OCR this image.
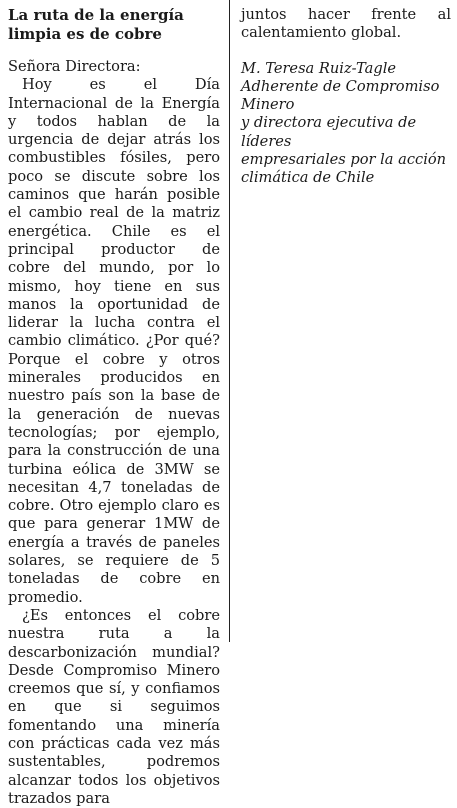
La ruta de la energía limpia es de cobre

Señora Directora:

Hoy es el Día Internacional de la Energía y todos hablan de la urgencia de dejar atrás los combustibles fósiles, pero poco se discute sobre los caminos que harán posible el cambio real de la matriz energética. Chile es el principal productor de cobre del mundo, por lo mismo, hoy tiene en sus manos la oportunidad de liderar la lucha contra el cambio climático. ¿Por qué? Porque el cobre y otros minerales producidos en nuestro país son la base de la generación de nuevas tecnologías; por ejemplo, para la construcción de una turbina eólica de 3MW se necesitan 4,7 toneladas de cobre. Otro ejemplo claro es que para generar 1MW de energía a través de paneles solares, se requiere de 5 toneladas de cobre en promedio.

¿Es entonces el cobre nuestra ruta a la descarbonización mundial? Desde Compromiso Minero creemos que sí, y confiamos en que si seguimos fomentando una minería con prácticas cada vez más sustentables, podremos alcanzar todos los objetivos trazados para

juntos hacer frente al calentamiento global.

M. Teresa Ruiz-Tagle
Adherente de Compromiso Minero
y directora ejecutiva de líderes
empresariales por la acción
climática de Chile
